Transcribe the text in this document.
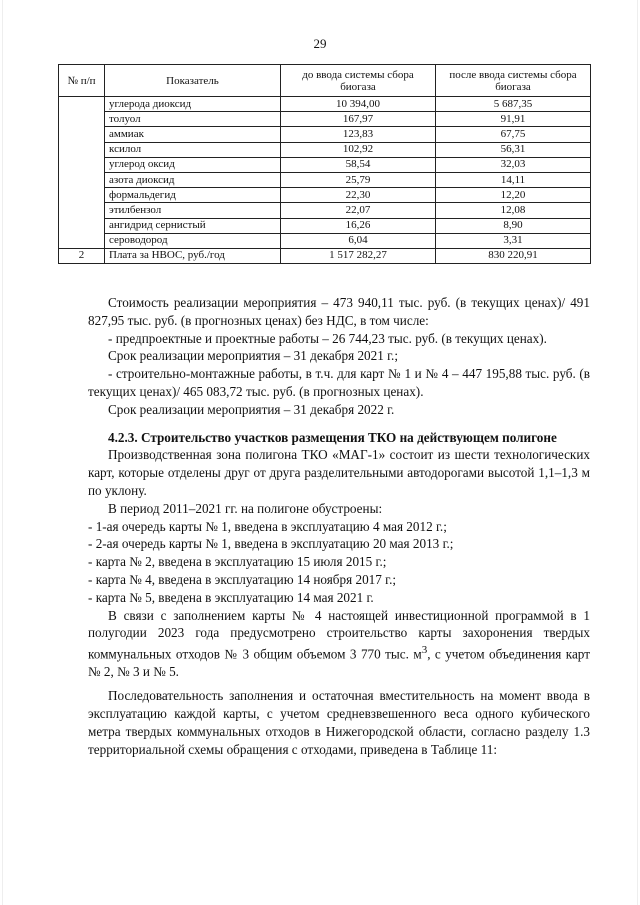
29
№ п/п	Показатель	до ввода системы сбора биогаза	после ввода системы сбора биогаза
	углерода диоксид	10 394,00	5 687,35
	толуол	167,97	91,91
	аммиак	123,83	67,75
	ксилол	102,92	56,31
	углерод оксид	58,54	32,03
	азота диоксид	25,79	14,11
	формальдегид	22,30	12,20
	этилбензол	22,07	12,08
	ангидрид сернистый	16,26	8,90
	сероводород	6,04	3,31
2	Плата за НВОС, руб./год	1 517 282,27	830 220,91

Стоимость реализации мероприятия – 473 940,11 тыс. руб. (в текущих ценах)/ 491 827,95 тыс. руб. (в прогнозных ценах) без НДС, в том числе:

- предпроектные и проектные работы – 26 744,23 тыс. руб. (в текущих ценах).

Срок реализации мероприятия – 31 декабря 2021 г.;

- строительно-монтажные работы, в т.ч. для карт № 1 и № 4 – 447 195,88 тыс. руб. (в текущих ценах)/ 465 083,72 тыс. руб. (в прогнозных ценах).

Срок реализации мероприятия – 31 декабря 2022 г.

4.2.3. Строительство участков размещения ТКО на действующем полигоне

Производственная зона полигона ТКО «МАГ-1» состоит из шести технологических карт, которые отделены друг от друга разделительными автодорогами высотой 1,1–1,3 м по уклону.

В период 2011–2021 гг. на полигоне обустроены:

- 1-ая очередь карты № 1, введена в эксплуатацию 4 мая 2012 г.;

- 2-ая очередь карты № 1, введена в эксплуатацию 20 мая 2013 г.;

- карта № 2, введена в эксплуатацию 15 июля 2015 г.;

- карта № 4, введена в эксплуатацию 14 ноября 2017 г.;

- карта № 5, введена в эксплуатацию 14 мая 2021 г.

В связи с заполнением карты № 4 настоящей инвестиционной программой в 1 полугодии 2023 года предусмотрено строительство карты захоронения твердых коммунальных отходов № 3 общим объемом 3 770 тыс. $м^3$, с учетом объединения карт № 2, № 3 и № 5.

Последовательность заполнения и остаточная вместительность на момент ввода в эксплуатацию каждой карты, с учетом средневзвешенного веса одного кубического метра твердых коммунальных отходов в Нижегородской области, согласно разделу 1.3 территориальной схемы обращения с отходами, приведена в Таблице 11:
